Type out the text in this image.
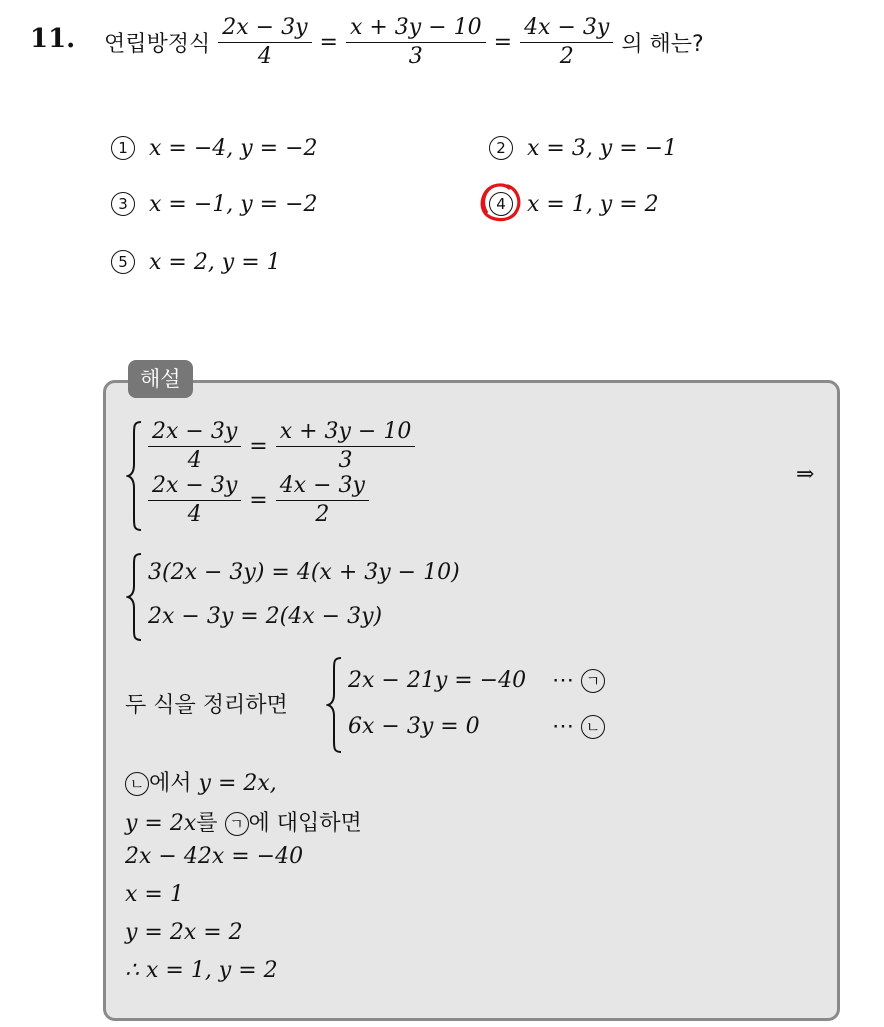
11. 연립방정식 $\frac{2x - 3y}{4} = \frac{x + 3y - 10}{3} = \frac{4x - 3y}{2}$ 의 해는?
1 x = −4, y = −2	2 x = 3, y = −1
3 x = −1, y = −2	4 x = 1, y = 2
5 x = 2, y = 1
해설
$\frac{2x - 3y}{4} = \frac{x + 3y - 10}{3}$
$\frac{2x - 3y}{4} = \frac{4x - 3y}{2}$	⇒
3(2x − 3y) = 4(x + 3y − 10)
2x − 3y = 2(4x − 3y)
두 식을 정리하면
2x − 21y = −40 ⋯ ㄱ
6x − 3y = 0	⋯ ㄴ
ㄴ 에서 y = 2x,
y = 2x를 ㄱ 에 대입하면
2x − 42x = −40
x = 1
y = 2x = 2
∴ x = 1, y = 2
